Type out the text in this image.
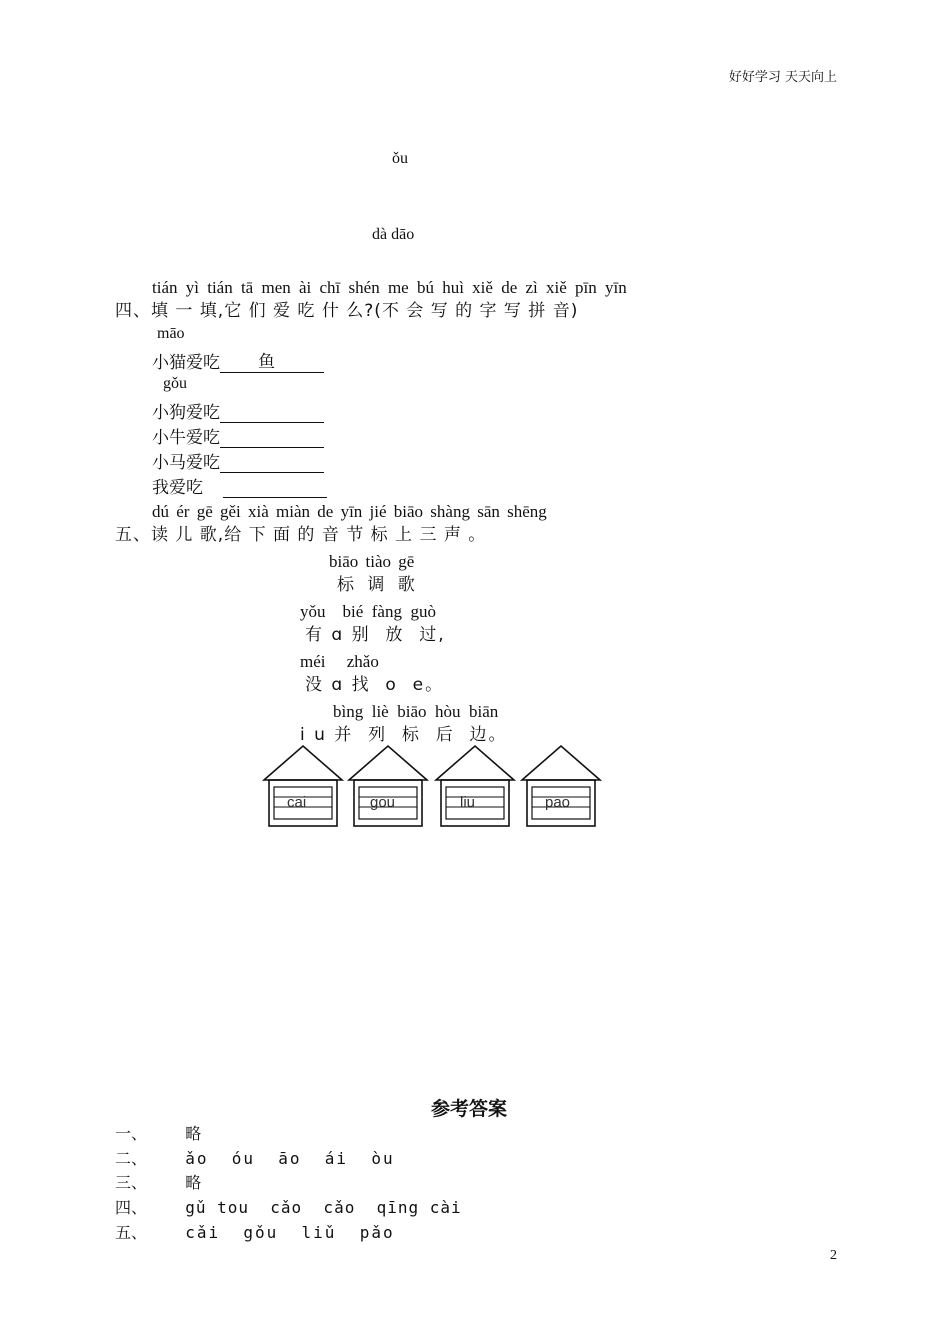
好好学习 天天向上
ǒu
dà dāo
tián yì tián tā men ài chī shén me bú huì xiě de zì xiě pīn yīn
四、填 一 填,它 们 爱 吃 什 么?(不 会 写 的 字 写 拼 音)
māo
小猫爱吃 鱼
gǒu
小狗爱吃
小牛爱吃
小马爱吃
我爱吃
dú ér gē gěi xià miàn de yīn jié biāo shàng sān shēng
五、读 儿 歌,给 下 面 的 音 节 标 上 三 声 。
biāo tiào gē
标 调 歌
yǒu    bié  fàng  guò
有 ɑ 别  放  过,
méi     zhǎo
没 ɑ 找  o  e。
bìng  liè  biāo  hòu  biān
i u 并  列  标  后  边。
cai	gou	liu	pao
参考答案
一、 略
二、 ǎo  óu  āo  ái  òu
三、 略
四、 gǔ tou  cǎo  cǎo  qīng cài
五、 cǎi  gǒu  liǔ  pǎo
2
